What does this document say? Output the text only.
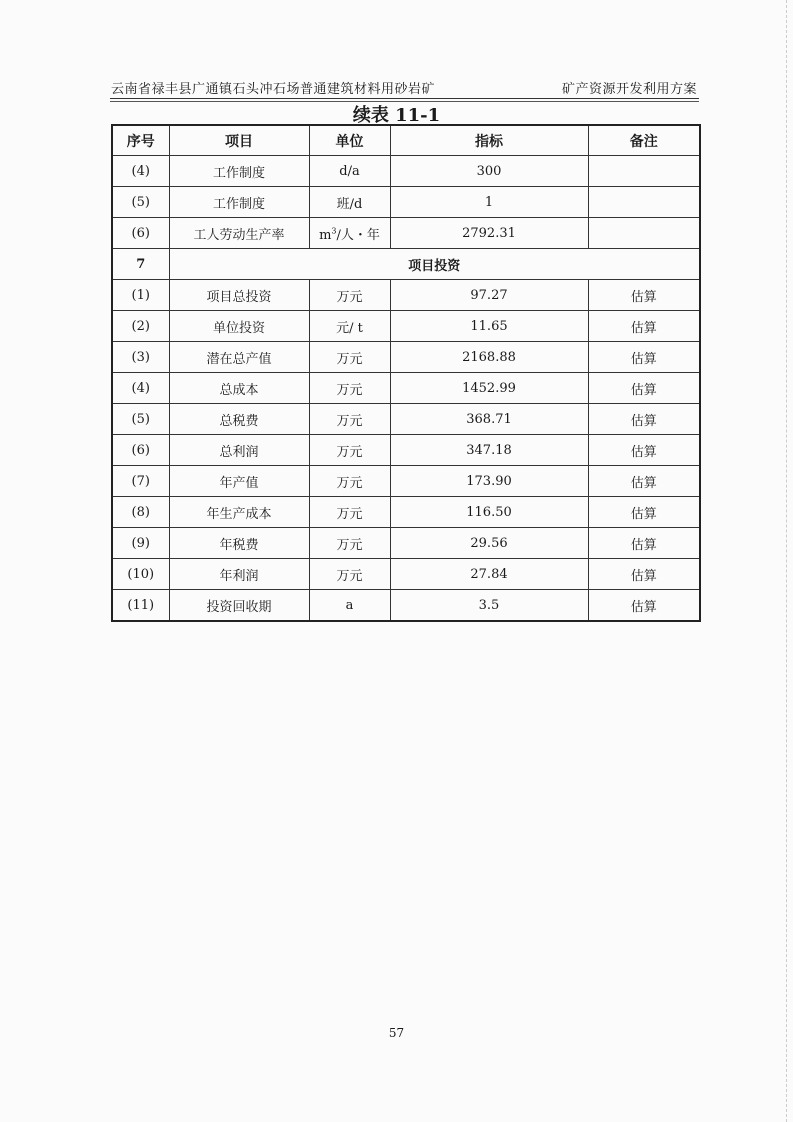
云南省禄丰县广通镇石头冲石场普通建筑材料用砂岩矿	矿产资源开发利用方案
续表 11-1
序号	项目	单位	指标	备注
(4)	工作制度	d/a	300	
(5)	工作制度	班/d	1	
(6)	工人劳动生产率	$m^3/$人・年	2792.31	
7	项目投资			
(1)	项目总投资	万元	97.27	估算
(2)	单位投资	元/ t	11.65	估算
(3)	潜在总产值	万元	2168.88	估算
(4)	总成本	万元	1452.99	估算
(5)	总税费	万元	368.71	估算
(6)	总利润	万元	347.18	估算
(7)	年产值	万元	173.90	估算
(8)	年生产成本	万元	116.50	估算
(9)	年税费	万元	29.56	估算
(10)	年利润	万元	27.84	估算
(11)	投资回收期	a	3.5	估算
57
